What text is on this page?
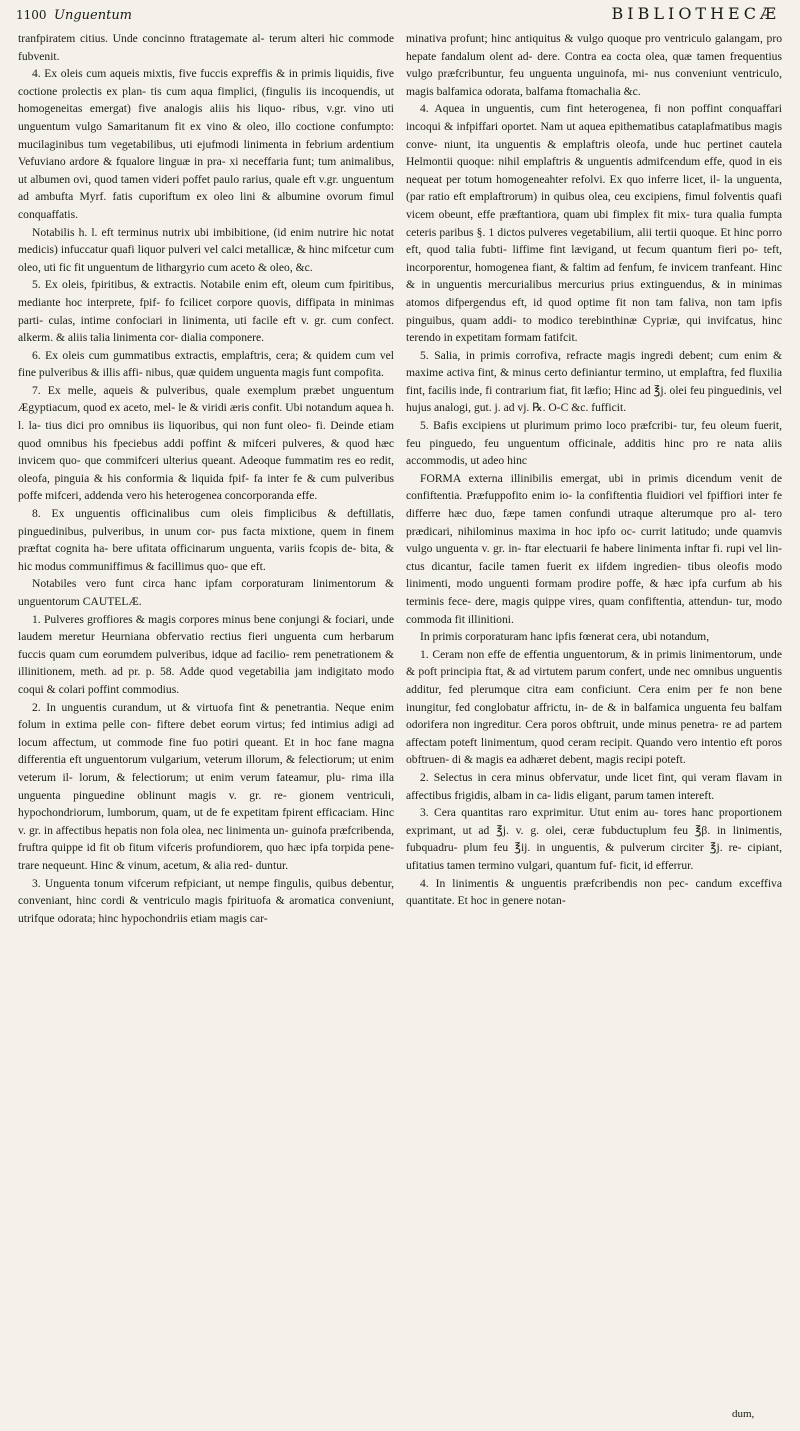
1100 Unguentum	BIBLIOTHECÆ

tranfpiratem citius. Unde concinno ftratagemate al- terum alteri hic commode fubvenit.

4. Ex oleis cum aqueis mixtis, five fuccis expreffis & in primis liquidis, five coctione prolectis ex plan- tis cum aqua fimplici, (fingulis iis incoquendis, ut homogeneitas emergat) five analogis aliis his liquo- ribus, v.gr. vino uti unguentum vulgo Samaritanum fit ex vino & oleo, illo coctione confumpto: mucilaginibus tum vegetabilibus, uti ejufmodi linimenta in febrium ardentium Vefuviano ardore & fqualore linguæ in pra- xi neceffaria funt; tum animalibus, ut albumen ovi, quod tamen videri poffet paulo rarius, quale eft v.gr. unguentum ad ambufta Myrf. fatis cuporiftum ex oleo lini & albumine ovorum fimul conquaffatis.

Notabilis h. l. eft terminus nutrix ubi imbibitione, (id enim nutrire hic notat medicis) infuccatur quafi liquor pulveri vel calci metallicæ, & hinc mifcetur cum oleo, uti fic fit unguentum de lithargyrio cum aceto & oleo, &c.

5. Ex oleis, fpiritibus, & extractis. Notabile enim eft, oleum cum fpiritibus, mediante hoc interprete, fpif- fo fcilicet corpore quovis, diffipata in minimas parti- culas, intime confociari in linimenta, uti facile eft v. gr. cum confect. alkerm. & aliis talia linimenta cor- dialia componere.

6. Ex oleis cum gummatibus extractis, emplaftris, cera; & quidem cum vel fine pulveribus & illis affi- nibus, quæ quidem unguenta magis funt compofita.

7. Ex melle, aqueis & pulveribus, quale exemplum præbet unguentum Ægyptiacum, quod ex aceto, mel- le & viridi æris confit. Ubi notandum aquea h. l. la- tius dici pro omnibus iis liquoribus, qui non funt oleo- fi. Deinde etiam quod omnibus his fpeciebus addi poffint & mifceri pulveres, & quod hæc invicem quo- que commifceri ulterius queant. Adeoque fummatim res eo redit, oleofa, pinguia & his conformia & liquida fpif- fa inter fe & cum pulveribus poffe mifceri, addenda vero his heterogenea concorporanda effe.

8. Ex unguentis officinalibus cum oleis fimplicibus & deftillatis, pinguedinibus, pulveribus, in unum cor- pus facta mixtione, quem in finem præftat cognita ha- bere ufitata officinarum unguenta, variis fcopis de- bita, & hic modus communiffimus & facillimus quo- que eft.

Notabiles vero funt circa hanc ipfam corporaturam linimentorum & unguentorum CAUTELÆ.

1. Pulveres groffiores & magis corpores minus bene conjungi & fociari, unde laudem meretur Heurniana obfervatio rectius fieri unguenta cum herbarum fuccis quam cum eorumdem pulveribus, idque ad facilio- rem penetrationem & illinitionem, meth. ad pr. p. 58. Adde quod vegetabilia jam indigitato modo coqui & colari poffint commodius.

2. In unguentis curandum, ut & virtuofa fint & penetrantia. Neque enim folum in extima pelle con- fiftere debet eorum virtus; fed intimius adigi ad locum affectum, ut commode fine fuo potiri queant. Et in hoc fane magna differentia eft unguentorum vulgarium, veterum illorum, & felectiorum; ut enim veterum il- lorum, & felectiorum; ut enim verum fateamur, plu- rima illa unguenta pinguedine oblinunt magis v. gr. re- gionem ventriculi, hypochondriorum, lumborum, quam, ut de fe expetitam fpirent efficaciam. Hinc v. gr. in affectibus hepatis non fola olea, nec linimenta un- guinofa præfcribenda, fruftra quippe id fit ob fitum vifceris profundiorem, quo hæc ipfa torpida pene- trare nequeunt. Hinc & vinum, acetum, & alia red- duntur.

3. Unguenta tonum vifcerum refpiciant, ut nempe fingulis, quibus debentur, conveniant, hinc cordi & ventriculo magis fpirituofa & aromatica conveniunt, utrifque odorata; hinc hypochondriis etiam magis car-

minativa profunt; hinc antiquitus & vulgo quoque pro ventriculo galangam, pro hepate fandalum olent ad- dere. Contra ea cocta olea, quæ tamen frequentius vulgo præfcribuntur, feu unguenta unguinofa, mi- nus conveniunt ventriculo, magis balfamica odorata, balfama ftomachalia &c.

4. Aquea in unguentis, cum fint heterogenea, fi non poffint conquaffari incoqui & infpiffari oportet. Nam ut aquea epithematibus cataplafmatibus magis conve- niunt, ita unguentis & emplaftris oleofa, unde huc pertinet cautela Helmontii quoque: nihil emplaftris & unguentis admifcendum effe, quod in eis nequeat per totum homogeneahter refolvi. Ex quo inferre licet, il- la unguenta, (par ratio eft emplaftrorum) in quibus olea, ceu excipiens, fimul folventis quafi vicem obeunt, effe præftantiora, quam ubi fimplex fit mix- tura qualia fumpta ceteris paribus §. 1 dictos pulveres vegetabilium, alii tertii quoque. Et hinc porro eft, quod talia fubti- liffime fint lævigand, ut fecum quantum fieri po- teft, incorporentur, homogenea fiant, & faltim ad fenfum, fe invicem tranfeant. Hinc & in unguentis mercurialibus mercurius prius extinguendus, & in minimas atomos difpergendus eft, id quod optime fit non tam faliva, non tam ipfis pinguibus, quam addi- to modico terebinthinæ Cypriæ, qui invifcatus, hinc terendo in expetitam formam fatifcit.

5. Salia, in primis corrofiva, refracte magis ingredi debent; cum enim & maxime activa fint, & minus certo definiantur termino, ut emplaftra, fed fluxilia fint, facilis inde, fi contrarium fiat, fit læfio; Hinc ad ℥j. olei feu pinguedinis, vel hujus analogi, gut. j. ad vj. ℞. O-C &c. fufficit.

5. Bafis excipiens ut plurimum primo loco præfcribi- tur, feu oleum fuerit, feu pinguedo, feu unguentum officinale, additis hinc pro re nata aliis accommodis, ut adeo hinc

FORMA externa illinibilis emergat, ubi in primis dicendum venit de confiftentia. Præfuppofito enim io- la confiftentia fluidiori vel fpiffiori inter fe differre hæc duo, fæpe tamen confundi utraque alterumque pro al- tero prædicari, nihilominus maxima in hoc ipfo oc- currit latitudo; unde quamvis vulgo unguenta v. gr. in- ftar electuarii fe habere linimenta inftar fi. rupi vel lin- ctus dicantur, facile tamen fuerit ex iifdem ingredien- tibus oleofis modo linimenti, modo unguenti formam prodire poffe, & hæc ipfa curfum ab his terminis fece- dere, magis quippe vires, quam confiftentia, attendun- tur, modo commoda fit illinitioni.

In primis corporaturam hanc ipfis fœnerat cera, ubi notandum,

1. Ceram non effe de effentia unguentorum, & in primis linimentorum, unde & poft principia ftat, & ad virtutem parum confert, unde nec omnibus unguentis additur, fed plerumque citra eam conficiunt. Cera enim per fe non bene inungitur, fed conglobatur affrictu, in- de & in balfamica unguenta feu balfam odorifera non ingreditur. Cera poros obftruit, unde minus penetra- re ad partem affectam poteft linimentum, quod ceram recipit. Quando vero intentio eft poros obftruen- di & magis ea adhæret debent, magis recipi poteft.

2. Selectus in cera minus obfervatur, unde licet fint, qui veram flavam in affectibus frigidis, albam in ca- lidis eligant, parum tamen intereft.

3. Cera quantitas raro exprimitur. Utut enim au- tores hanc proportionem exprimant, ut ad ℥j. v. g. olei, ceræ fubductuplum feu ℥β. in linimentis, fubquadru- plum feu ℥ij. in unguentis, & pulverum circiter ℥j. re- cipiant, ufitatius tamen termino vulgari, quantum fuf- ficit, id efferrur.

4. In linimentis & unguentis præfcribendis non pec- candum exceffiva quantitate. Et hoc in genere notan-

dum,
